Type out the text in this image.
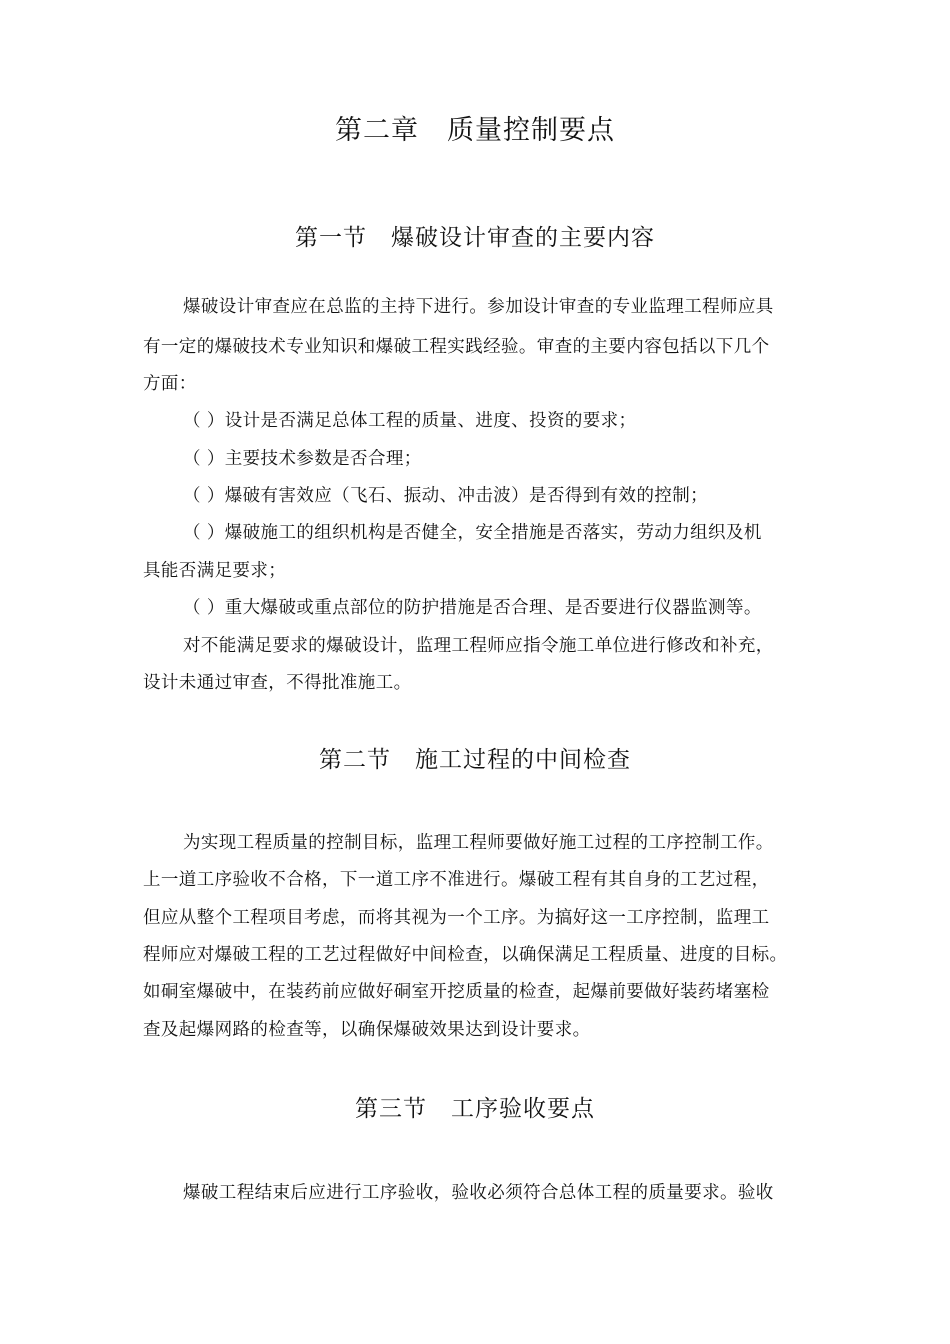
第二章　质量控制要点
第一节　爆破设计审查的主要内容
爆破设计审查应在总监的主持下进行。参加设计审查的专业监理工程师应具
有一定的爆破技术专业知识和爆破工程实践经验。审查的主要内容包括以下几个
方面：
（ ）设计是否满足总体工程的质量、进度、投资的要求；
（ ）主要技术参数是否合理；
（ ）爆破有害效应（飞石、振动、冲击波）是否得到有效的控制；
（ ）爆破施工的组织机构是否健全，安全措施是否落实，劳动力组织及机
具能否满足要求；
（ ）重大爆破或重点部位的防护措施是否合理、是否要进行仪器监测等。
对不能满足要求的爆破设计，监理工程师应指令施工单位进行修改和补充，
设计未通过审查，不得批准施工。
第二节　施工过程的中间检查
为实现工程质量的控制目标，监理工程师要做好施工过程的工序控制工作。
上一道工序验收不合格，下一道工序不准进行。爆破工程有其自身的工艺过程，
但应从整个工程项目考虑，而将其视为一个工序。为搞好这一工序控制，监理工
程师应对爆破工程的工艺过程做好中间检查，以确保满足工程质量、进度的目标。
如硐室爆破中，在装药前应做好硐室开挖质量的检查，起爆前要做好装药堵塞检
查及起爆网路的检查等，以确保爆破效果达到设计要求。
第三节　工序验收要点
爆破工程结束后应进行工序验收，验收必须符合总体工程的质量要求。验收
